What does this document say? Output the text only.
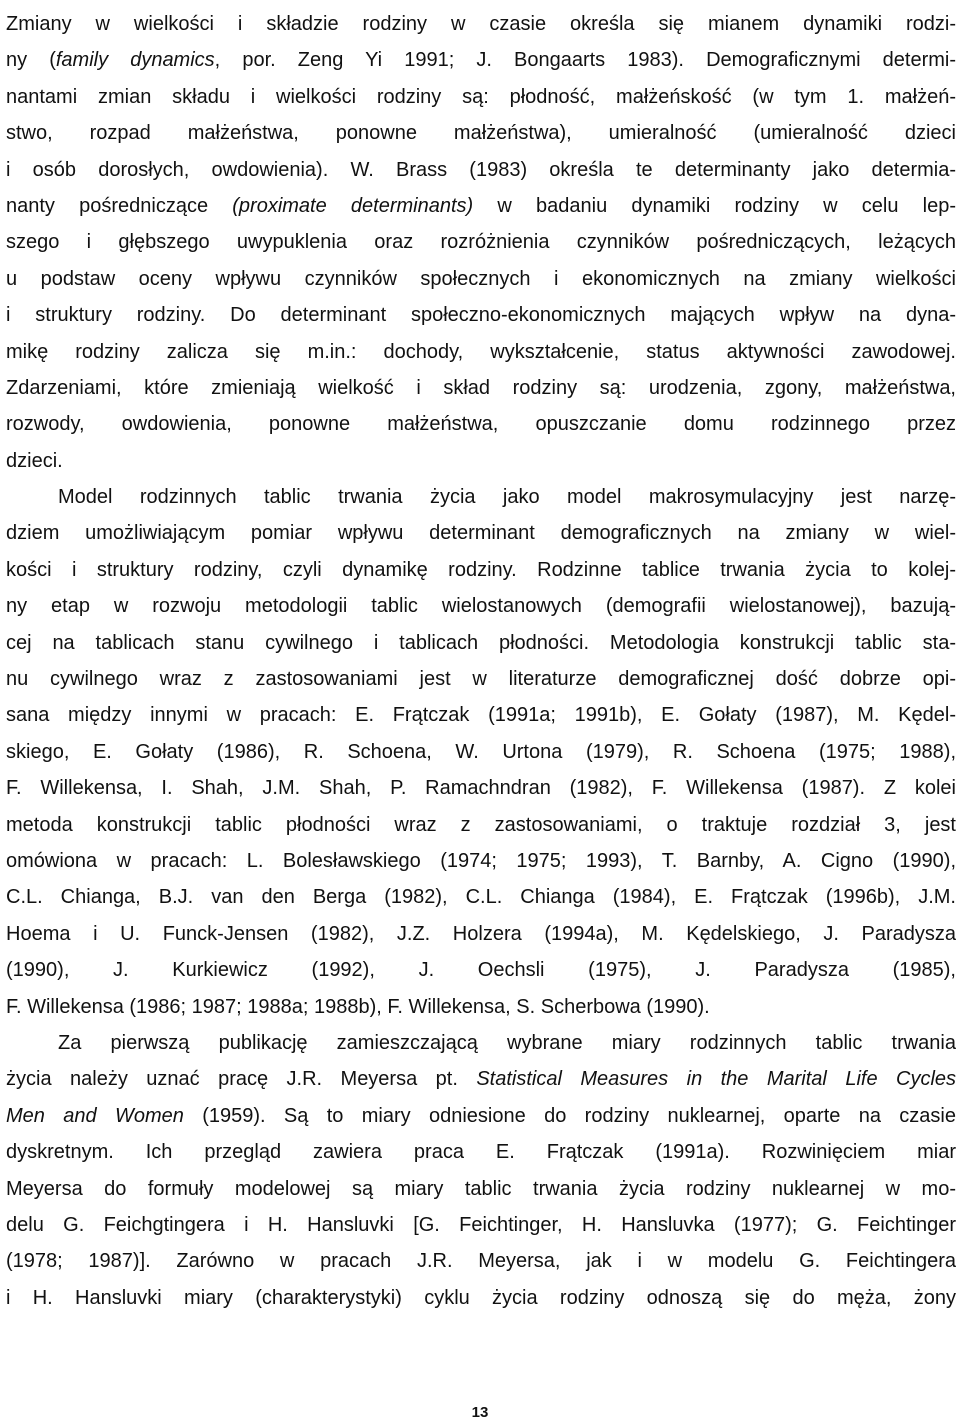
Zmiany w wielkości i składzie rodziny w czasie określa się mianem dynamiki rodzi-
ny (family dynamics, por. Zeng Yi 1991; J. Bongaarts 1983). Demograficznymi determi-
nantami zmian składu i wielkości rodziny są: płodność, małżeńskość (w tym 1. małżeń-
stwo, rozpad małżeństwa, ponowne małżeństwa), umieralność (umieralność dzieci
i osób dorosłych, owdowienia). W. Brass (1983) określa te determinanty jako determia-
nanty pośredniczące (proximate determinants) w badaniu dynamiki rodziny w celu lep-
szego i głębszego uwypuklenia oraz rozróżnienia czynników pośredniczących, leżących
u podstaw oceny wpływu czynników społecznych i ekonomicznych na zmiany wielkości
i struktury rodziny. Do determinant społeczno-ekonomicznych mających wpływ na dyna-
mikę rodziny zalicza się m.in.: dochody, wykształcenie, status aktywności zawodowej.
Zdarzeniami, które zmieniają wielkość i skład rodziny są: urodzenia, zgony, małżeństwa,
rozwody, owdowienia, ponowne małżeństwa, opuszczanie domu rodzinnego przez
dzieci.
Model rodzinnych tablic trwania życia jako model makrosymulacyjny jest narzę-
dziem umożliwiającym pomiar wpływu determinant demograficznych na zmiany w wiel-
kości i struktury rodziny, czyli dynamikę rodziny. Rodzinne tablice trwania życia to kolej-
ny etap w rozwoju metodologii tablic wielostanowych (demografii wielostanowej), bazują-
cej na tablicach stanu cywilnego i tablicach płodności. Metodologia konstrukcji tablic sta-
nu cywilnego wraz z zastosowaniami jest w literaturze demograficznej dość dobrze opi-
sana między innymi w pracach: E. Frątczak (1991a; 1991b), E. Gołaty (1987), M. Kędel-
skiego, E. Gołaty (1986), R. Schoena, W. Urtona (1979), R. Schoena (1975; 1988),
F. Willekensa, I. Shah, J.M. Shah, P. Ramachndran (1982), F. Willekensa (1987). Z kolei
metoda konstrukcji tablic płodności wraz z zastosowaniami, o traktuje rozdział 3, jest
omówiona w pracach: L. Bolesławskiego (1974; 1975; 1993), T. Barnby, A. Cigno (1990),
C.L. Chianga, B.J. van den Berga (1982), C.L. Chianga (1984), E. Frątczak (1996b), J.M.
Hoema i U. Funck-Jensen (1982), J.Z. Holzera (1994a), M. Kędelskiego, J. Paradysza
(1990), J. Kurkiewicz (1992), J. Oechsli (1975), J. Paradysza (1985),
F. Willekensa (1986; 1987; 1988a; 1988b), F. Willekensa, S. Scherbowa (1990).
Za pierwszą publikację zamieszczającą wybrane miary rodzinnych tablic trwania
życia należy uznać pracę J.R. Meyersa pt. Statistical Measures in the Marital Life Cycles
Men and Women (1959). Są to miary odniesione do rodziny nuklearnej, oparte na czasie
dyskretnym. Ich przegląd zawiera praca E. Frątczak (1991a). Rozwinięciem miar
Meyersa do formuły modelowej są miary tablic trwania życia rodziny nuklearnej w mo-
delu G. Feichgtingera i H. Hansluvki [G. Feichtinger, H. Hansluvka (1977); G. Feichtinger
(1978; 1987)]. Zarówno w pracach J.R. Meyersa, jak i w modelu G. Feichtingera
i H. Hansluvki miary (charakterystyki) cyklu życia rodziny odnoszą się do męża, żony
13
